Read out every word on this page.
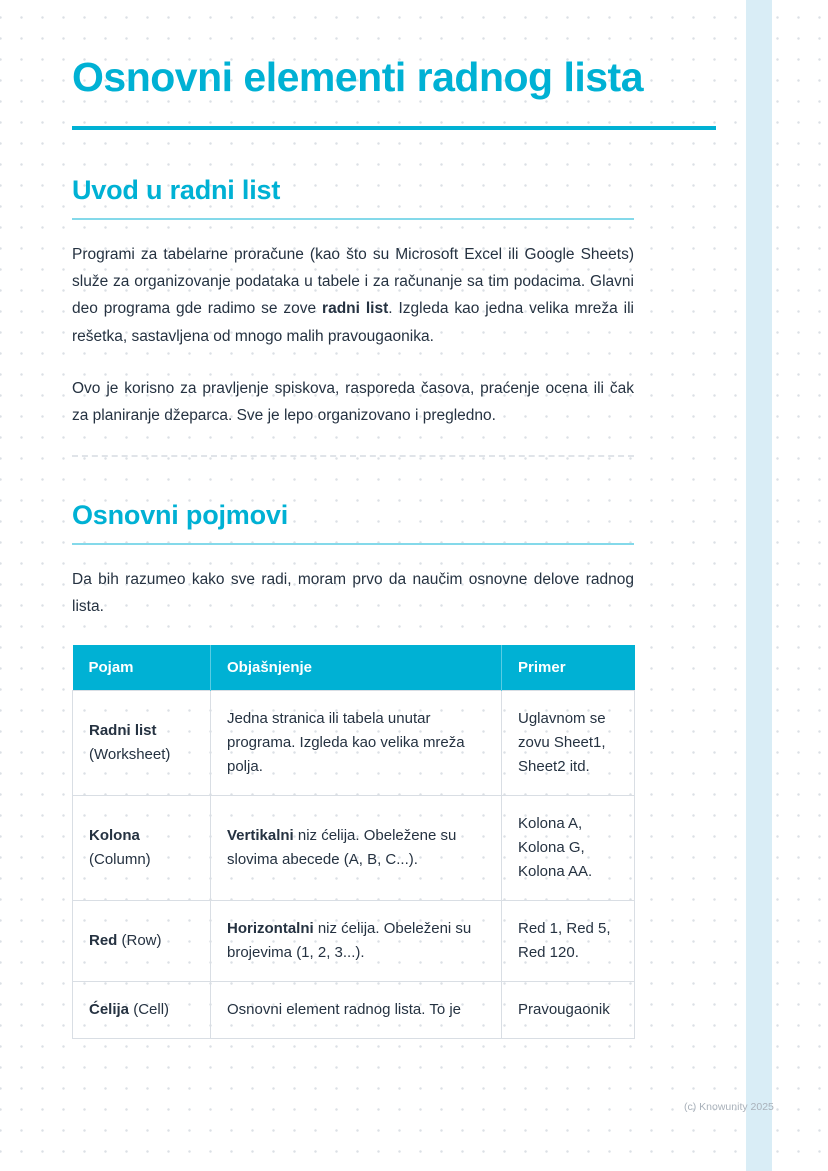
Osnovni elementi radnog lista
Uvod u radni list

Programi za tabelarne proračune (kao što su Microsoft Excel ili Google Sheets) služe za organizovanje podataka u tabele i za računanje sa tim podacima. Glavni deo programa gde radimo se zove radni list. Izgleda kao jedna velika mreža ili rešetka, sastavljena od mnogo malih pravougaonika.

Ovo je korisno za pravljenje spiskova, rasporeda časova, praćenje ocena ili čak za planiranje džeparca. Sve je lepo organizovano i pregledno.

Osnovni pojmovi

Da bih razumeo kako sve radi, moram prvo da naučim osnovne delove radnog lista.

Pojam	Objašnjenje	Primer
Radni list (Worksheet)	Jedna stranica ili tabela unutar programa. Izgleda kao velika mreža polja.	Uglavnom se zovu Sheet1, Sheet2 itd.
Kolona (Column)	Vertikalni niz ćelija. Obeležene su slovima abecede (A, B, C...).	Kolona A, Kolona G, Kolona AA.
Red (Row)	Horizontalni niz ćelija. Obeleženi su brojevima (1, 2, 3...).	Red 1, Red 5, Red 120.
Ćelija (Cell)	Osnovni element radnog lista. To je	Pravougaonik
(c) Knowunity 2025
